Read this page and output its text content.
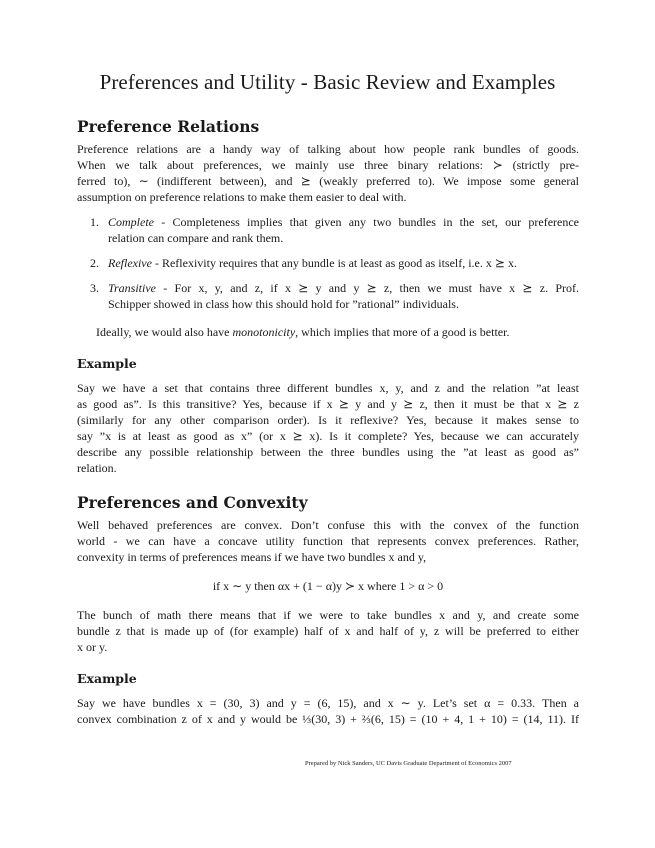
Preferences and Utility - Basic Review and Examples
Preference Relations
Preference relations are a handy way of talking about how people rank bundles of goods.
When we talk about preferences, we mainly use three binary relations: ≻ (strictly pre-
ferred to), ∼ (indifferent between), and ⪰ (weakly preferred to). We impose some general
assumption on preference relations to make them easier to deal with.
1. Complete - Completeness implies that given any two bundles in the set, our preference
relation can compare and rank them.
2. Reflexive - Reflexivity requires that any bundle is at least as good as itself, i.e. x ⪰ x.
3. Transitive - For x, y, and z, if x ⪰ y and y ⪰ z, then we must have x ⪰ z. Prof.
Schipper showed in class how this should hold for ”rational” individuals.
Ideally, we would also have monotonicity, which implies that more of a good is better.
Example
Say we have a set that contains three different bundles x, y, and z and the relation ”at least
as good as”. Is this transitive? Yes, because if x ⪰ y and y ⪰ z, then it must be that x ⪰ z
(similarly for any other comparison order). Is it reflexive? Yes, because it makes sense to
say ”x is at least as good as x” (or x ⪰ x). Is it complete? Yes, because we can accurately
describe any possible relationship between the three bundles using the ”at least as good as”
relation.
Preferences and Convexity
Well behaved preferences are convex. Don’t confuse this with the convex of the function
world - we can have a concave utility function that represents convex preferences. Rather,
convexity in terms of preferences means if we have two bundles x and y,
if x ∼ y then αx + (1 − α)y ≻ x where 1 > α > 0
The bunch of math there means that if we were to take bundles x and y, and create some
bundle z that is made up of (for example) half of x and half of y, z will be preferred to either
x or y.
Example
Say we have bundles x = (30, 3) and y = (6, 15), and x ∼ y. Let’s set α = 0.33. Then a
convex combination z of x and y would be ⅓(30, 3) + ⅔(6, 15) = (10 + 4, 1 + 10) = (14, 11). If
Prepared by Nick Sanders, UC Davis Graduate Department of Economics 2007
